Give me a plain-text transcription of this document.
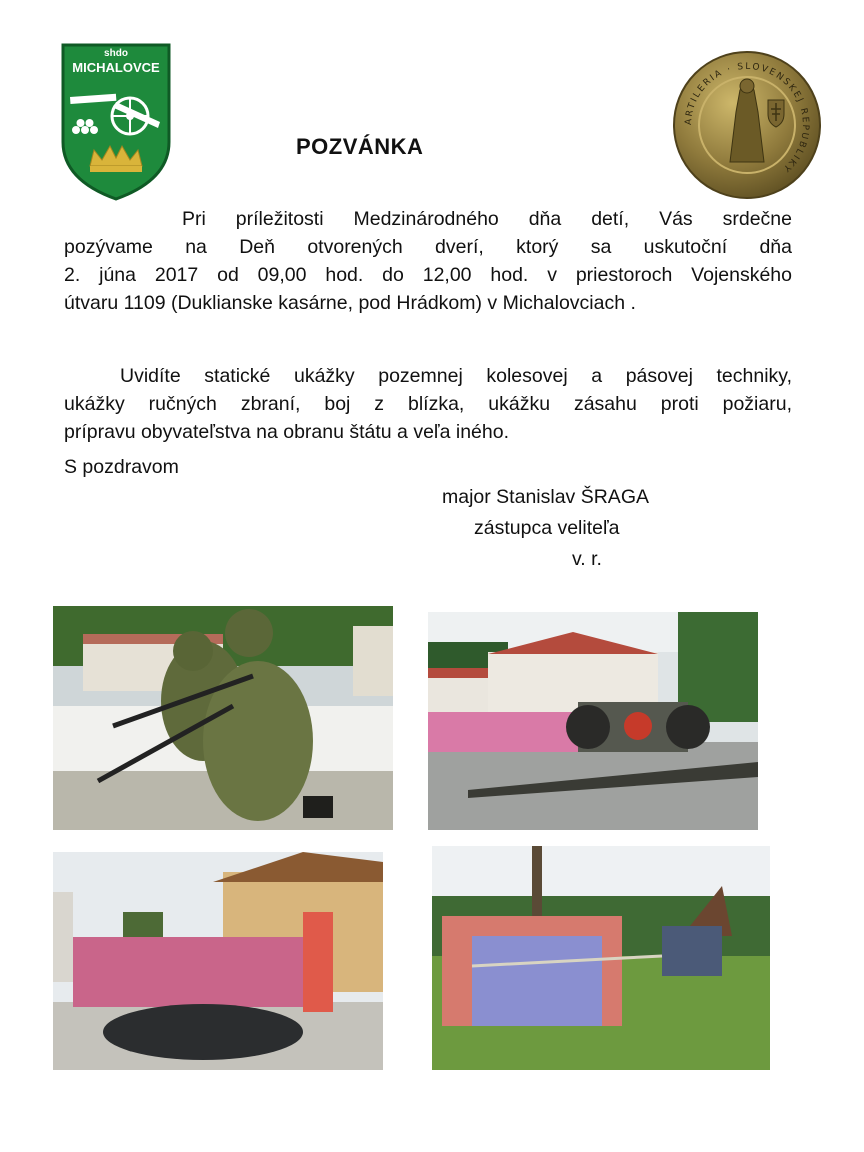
shdo
MICHALOVCE
ARTILERIA · SLOVENSKEJ REPUBLIKY
POZVÁNKA
Pri príležitosti Medzinárodného dňa detí, Vás srdečne
pozývame na Deň otvorených dverí, ktorý sa uskutoční dňa
2. júna 2017 od 09,00 hod. do 12,00 hod. v priestoroch Vojenského
útvaru 1109 (Duklianske kasárne, pod Hrádkom) v Michalovciach .
Uvidíte statické ukážky pozemnej kolesovej a pásovej techniky,
ukážky ručných zbraní, boj z blízka, ukážku zásahu proti požiaru,
prípravu obyvateľstva na obranu štátu a veľa iného.
S pozdravom
major Stanislav ŠRAGA
zástupca veliteľa
v. r.
